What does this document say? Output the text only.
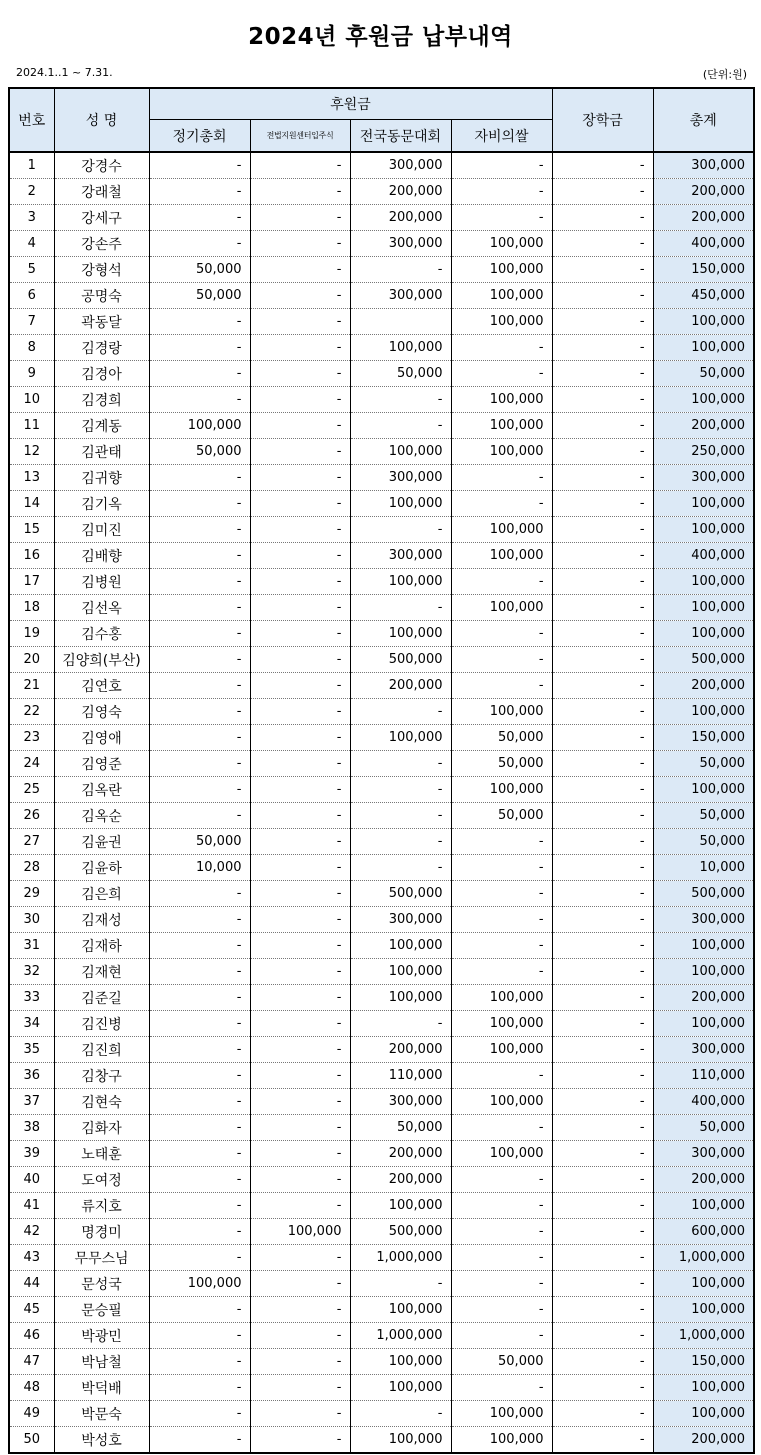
2024년 후원금 납부내역
2024.1..1 ~ 7.31.	(단위:원)
번호	성 명	후원금				장학금	총계
		정기총회	전법지원센터입주식	전국동문대회	자비의쌀		
1	강경수	-	-	300,000	-	-	300,000
2	강래철	-	-	200,000	-	-	200,000
3	강세구	-	-	200,000	-	-	200,000
4	강손주	-	-	300,000	100,000	-	400,000
5	강형석	50,000	-	-	100,000	-	150,000
6	공명숙	50,000	-	300,000	100,000	-	450,000
7	곽동달	-	-		100,000	-	100,000
8	김경랑	-	-	100,000	-	-	100,000
9	김경아	-	-	50,000	-	-	50,000
10	김경희	-	-	-	100,000	-	100,000
11	김계동	100,000	-	-	100,000	-	200,000
12	김관태	50,000	-	100,000	100,000	-	250,000
13	김귀향	-	-	300,000	-	-	300,000
14	김기옥	-	-	100,000	-	-	100,000
15	김미진	-	-	-	100,000	-	100,000
16	김배향	-	-	300,000	100,000	-	400,000
17	김병원	-	-	100,000	-	-	100,000
18	김선옥	-	-	-	100,000	-	100,000
19	김수홍	-	-	100,000	-	-	100,000
20	김양희(부산)	-	-	500,000	-	-	500,000
21	김연호	-	-	200,000	-	-	200,000
22	김영숙	-	-	-	100,000	-	100,000
23	김영애	-	-	100,000	50,000	-	150,000
24	김영준	-	-	-	50,000	-	50,000
25	김옥란	-	-	-	100,000	-	100,000
26	김옥순	-	-	-	50,000	-	50,000
27	김윤권	50,000	-	-	-	-	50,000
28	김윤하	10,000	-	-	-	-	10,000
29	김은희	-	-	500,000	-	-	500,000
30	김재성	-	-	300,000	-	-	300,000
31	김재하	-	-	100,000	-	-	100,000
32	김재현	-	-	100,000	-	-	100,000
33	김준길	-	-	100,000	100,000	-	200,000
34	김진병	-	-	-	100,000	-	100,000
35	김진희	-	-	200,000	100,000	-	300,000
36	김창구	-	-	110,000	-	-	110,000
37	김현숙	-	-	300,000	100,000	-	400,000
38	김화자	-	-	50,000	-	-	50,000
39	노태훈	-	-	200,000	100,000	-	300,000
40	도여정	-	-	200,000	-	-	200,000
41	류지호	-	-	100,000	-	-	100,000
42	명경미	-	100,000	500,000	-	-	600,000
43	무무스님	-	-	1,000,000	-	-	1,000,000
44	문성국	100,000	-	-	-	-	100,000
45	문승필	-	-	100,000	-	-	100,000
46	박광민	-	-	1,000,000	-	-	1,000,000
47	박남철	-	-	100,000	50,000	-	150,000
48	박덕배	-	-	100,000	-	-	100,000
49	박문숙	-	-	-	100,000	-	100,000
50	박성호	-	-	100,000	100,000	-	200,000
